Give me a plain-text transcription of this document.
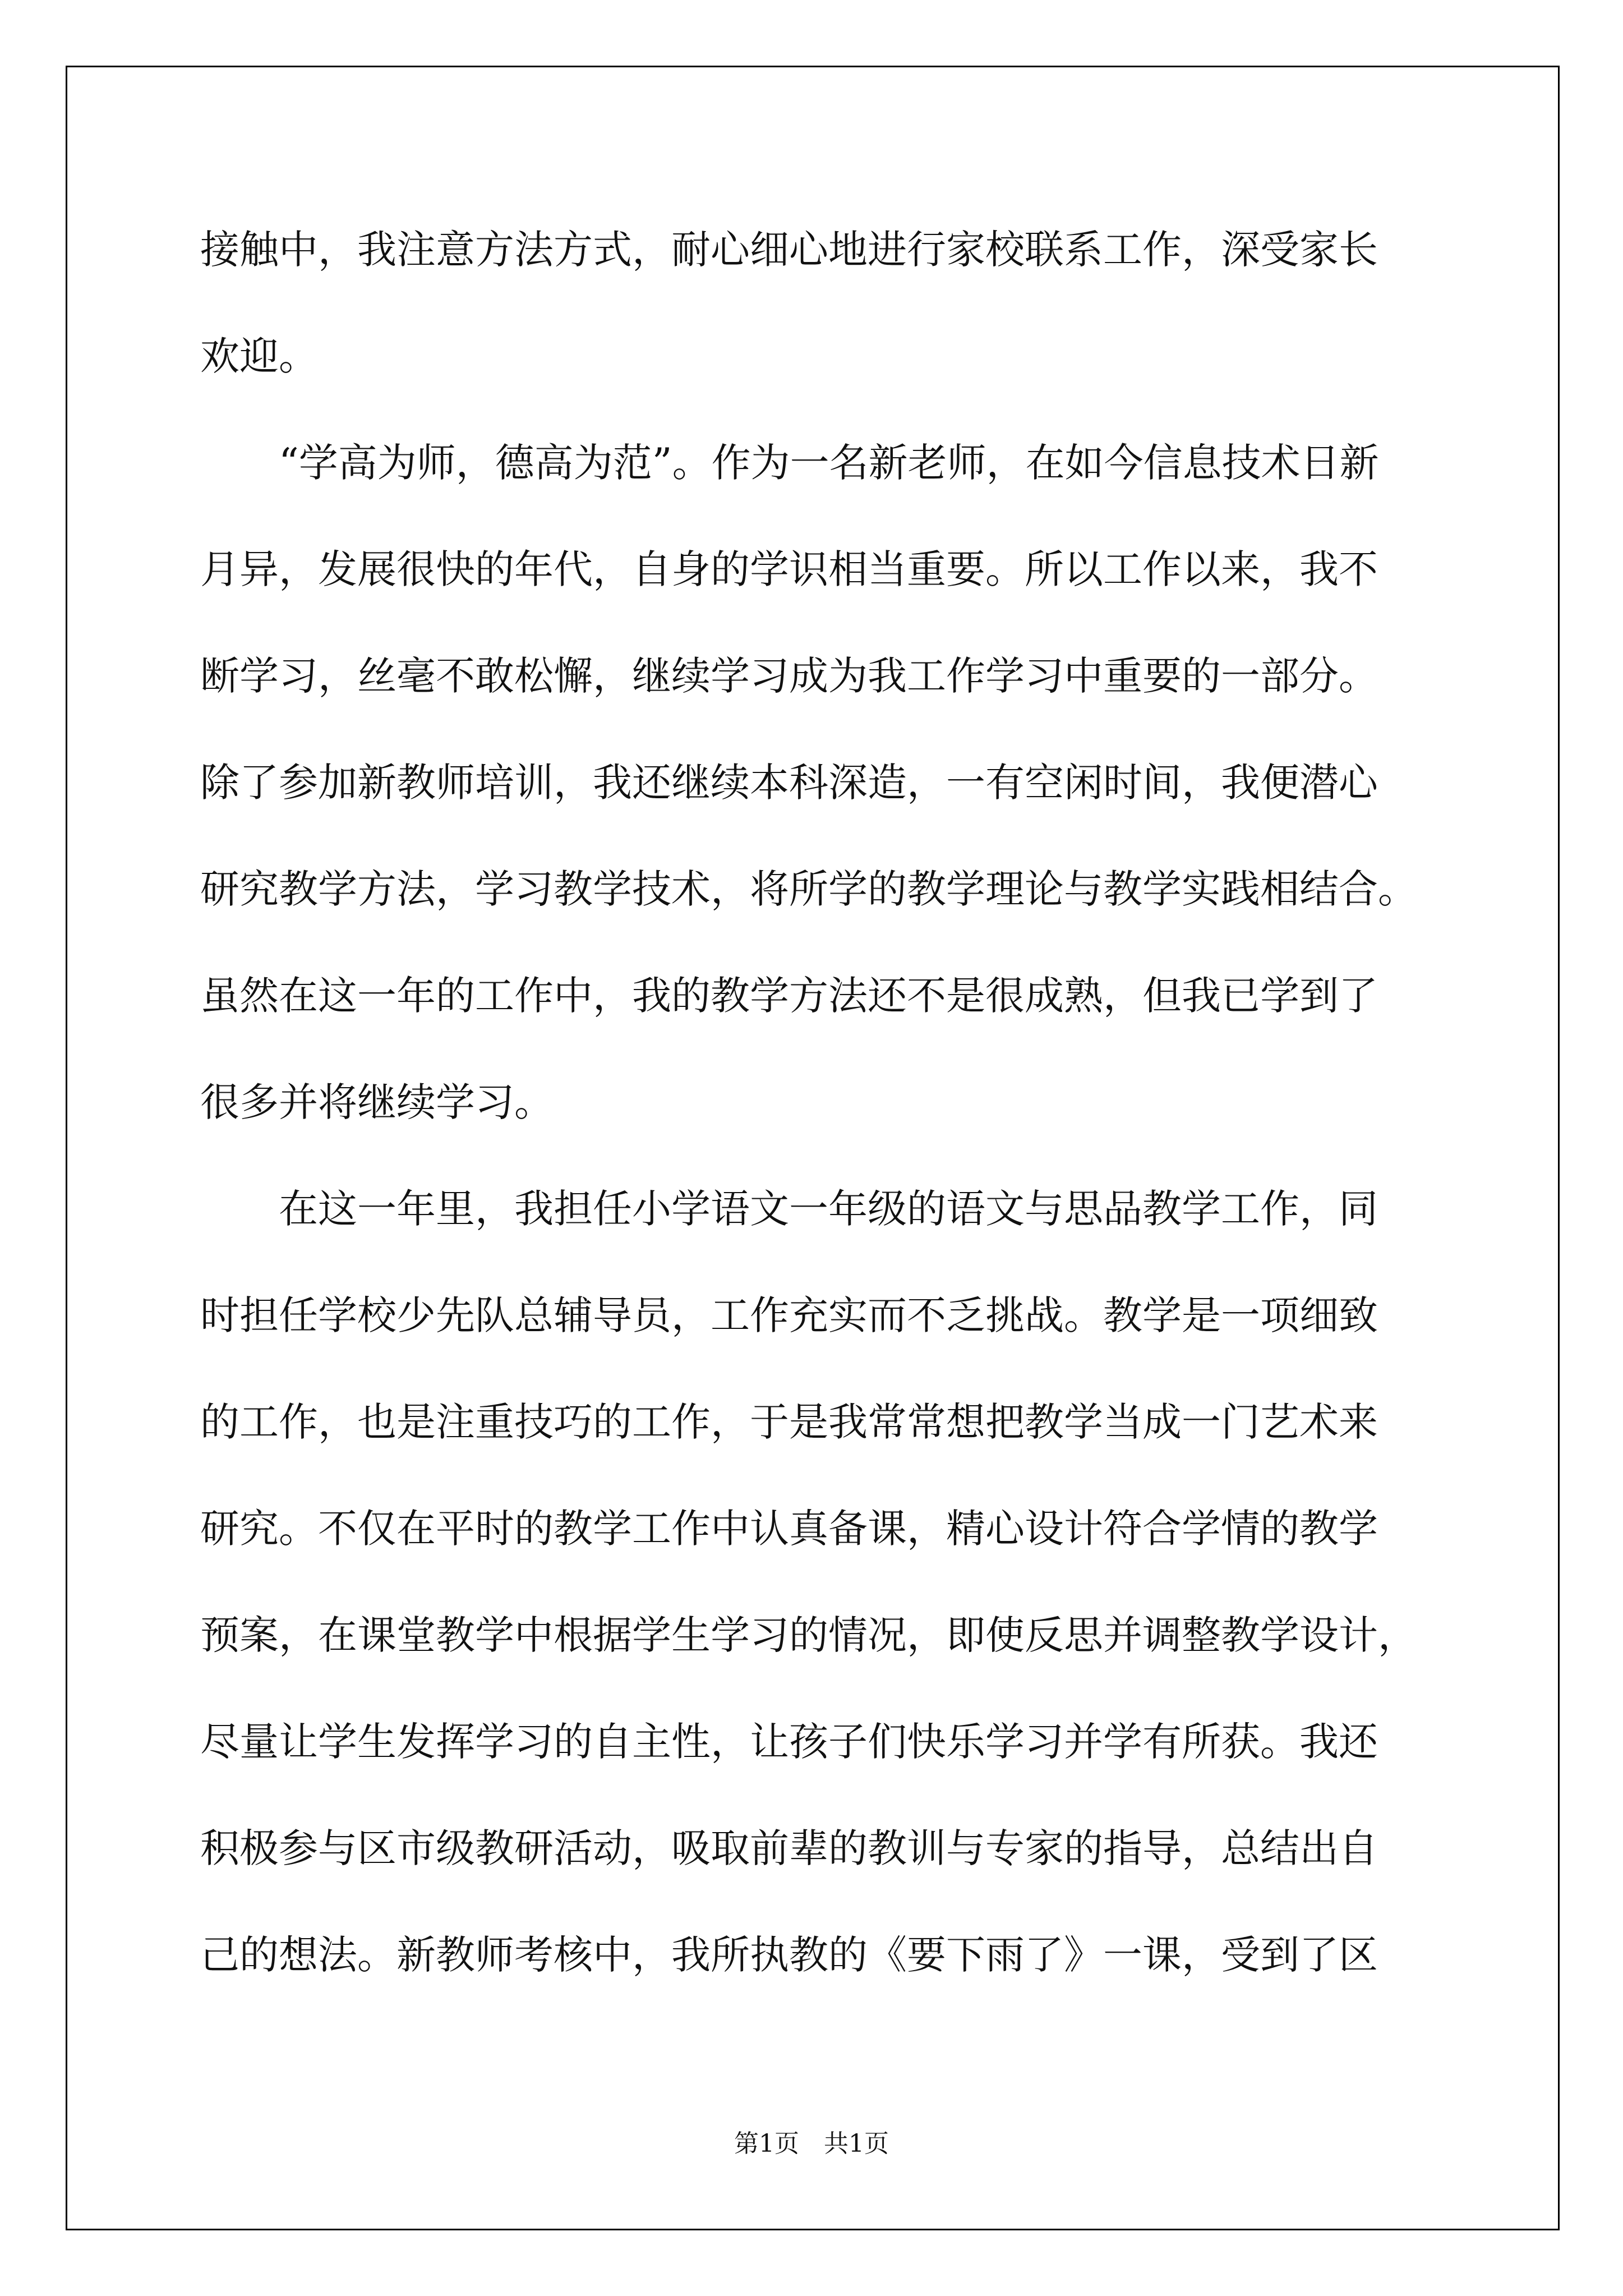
接触中，我注意方法方式，耐心细心地进行家校联系工作，深受家长
欢迎。
“学高为师，德高为范”。作为一名新老师，在如今信息技术日新
月异，发展很快的年代，自身的学识相当重要。所以工作以来，我不
断学习，丝毫不敢松懈，继续学习成为我工作学习中重要的一部分。
除了参加新教师培训，我还继续本科深造，一有空闲时间，我便潜心
研究教学方法，学习教学技术，将所学的教学理论与教学实践相结合。
虽然在这一年的工作中，我的教学方法还不是很成熟，但我已学到了
很多并将继续学习。
在这一年里，我担任小学语文一年级的语文与思品教学工作，同
时担任学校少先队总辅导员，工作充实而不乏挑战。教学是一项细致
的工作，也是注重技巧的工作，于是我常常想把教学当成一门艺术来
研究。不仅在平时的教学工作中认真备课，精心设计符合学情的教学
预案，在课堂教学中根据学生学习的情况，即使反思并调整教学设计，
尽量让学生发挥学习的自主性，让孩子们快乐学习并学有所获。我还
积极参与区市级教研活动，吸取前辈的教训与专家的指导，总结出自
己的想法。新教师考核中，我所执教的《要下雨了》一课，受到了区
第1页　共1页
